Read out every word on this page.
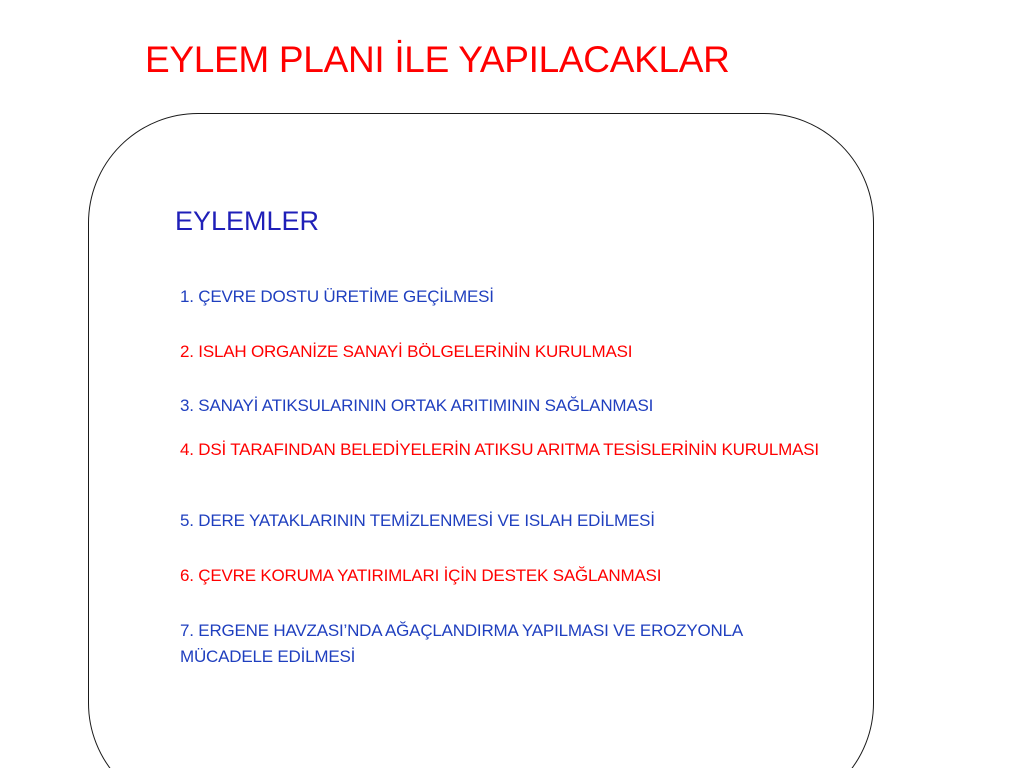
EYLEM PLANI İLE YAPILACAKLAR
EYLEMLER
1. ÇEVRE DOSTU ÜRETİME GEÇİLMESİ
2. ISLAH ORGANİZE SANAYİ BÖLGELERİNİN KURULMASI
3. SANAYİ ATIKSULARININ ORTAK ARITIMININ SAĞLANMASI
4. DSİ TARAFINDAN BELEDİYELERİN ATIKSU ARITMA TESİSLERİNİN KURULMASI
5. DERE YATAKLARININ TEMİZLENMESİ VE ISLAH EDİLMESİ
6. ÇEVRE KORUMA YATIRIMLARI İÇİN DESTEK SAĞLANMASI
7. ERGENE HAVZASI’NDA AĞAÇLANDIRMA YAPILMASI VE EROZYONLA MÜCADELE EDİLMESİ
